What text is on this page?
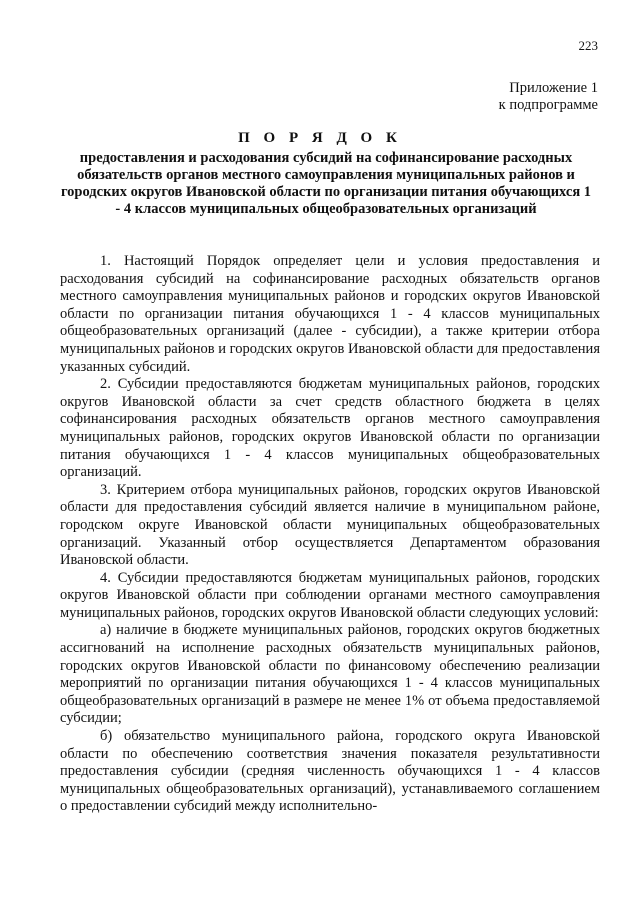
223
Приложение 1
к подпрограмме
П О Р Я Д О К
предоставления и расходования субсидий на софинансирование расходных обязательств органов местного самоуправления муниципальных районов и городских округов Ивановской области по организации питания обучающихся 1 - 4 классов муниципальных общеобразовательных организаций

1. Настоящий Порядок определяет цели и условия предоставления и расходования субсидий на софинансирование расходных обязательств органов местного самоуправления муниципальных районов и городских округов Ивановской области по организации питания обучающихся 1 - 4 классов муниципальных общеобразовательных организаций (далее - субсидии), а также критерии отбора муниципальных районов и городских округов Ивановской области для предоставления указанных субсидий.

2. Субсидии предоставляются бюджетам муниципальных районов, городских округов Ивановской области за счет средств областного бюджета в целях софинансирования расходных обязательств органов местного самоуправления муниципальных районов, городских округов Ивановской области по организации питания обучающихся 1 - 4 классов муниципальных общеобразовательных организаций.

3. Критерием отбора муниципальных районов, городских округов Ивановской области для предоставления субсидий является наличие в муниципальном районе, городском округе Ивановской области муниципальных общеобразовательных организаций. Указанный отбор осуществляется Департаментом образования Ивановской области.

4. Субсидии предоставляются бюджетам муниципальных районов, городских округов Ивановской области при соблюдении органами местного самоуправления муниципальных районов, городских округов Ивановской области следующих условий:

а) наличие в бюджете муниципальных районов, городских округов бюджетных ассигнований на исполнение расходных обязательств муниципальных районов, городских округов Ивановской области по финансовому обеспечению реализации мероприятий по организации питания обучающихся 1 - 4 классов муниципальных общеобразовательных организаций в размере не менее 1% от объема предоставляемой субсидии;

б) обязательство муниципального района, городского округа Ивановской области по обеспечению соответствия значения показателя результативности предоставления субсидии (средняя численность обучающихся 1 - 4 классов муниципальных общеобразовательных организаций), устанавливаемого соглашением о предоставлении субсидий между исполнительно-
